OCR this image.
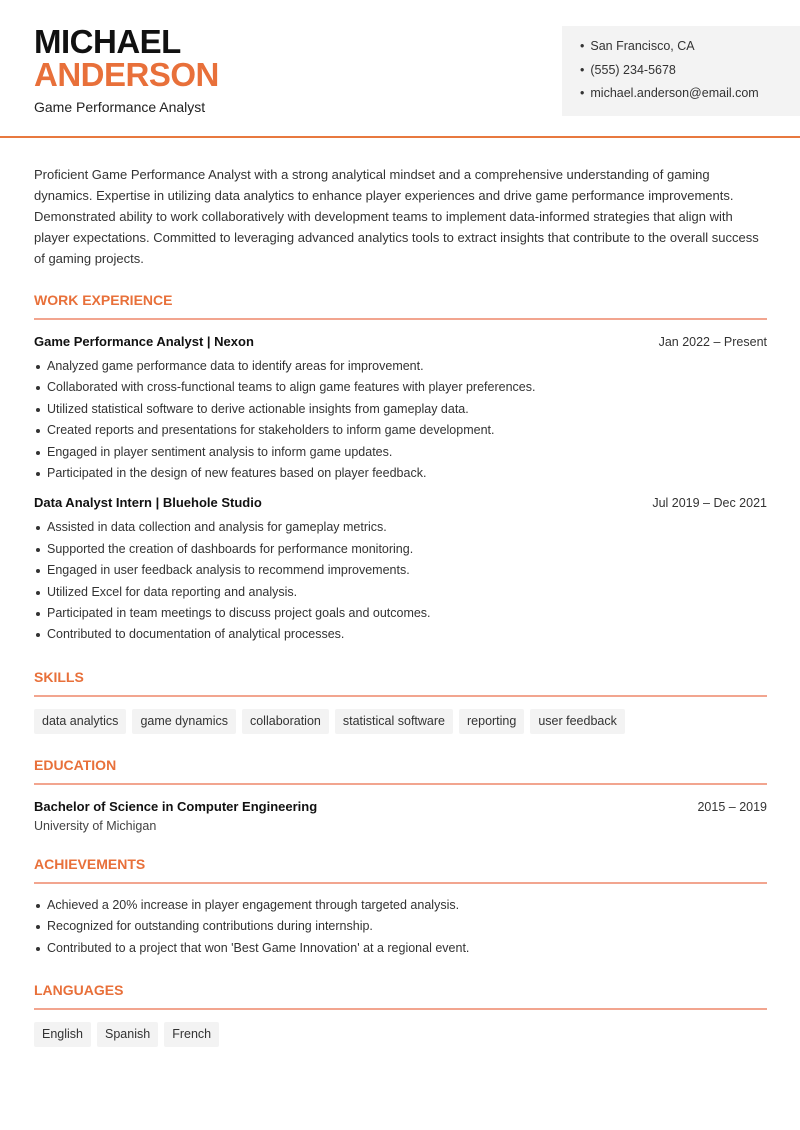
MICHAEL
ANDERSON
Game Performance Analyst
• San Francisco, CA
• (555) 234-5678
• michael.anderson@email.com

Proficient Game Performance Analyst with a strong analytical mindset and a comprehensive understanding of gaming dynamics. Expertise in utilizing data analytics to enhance player experiences and drive game performance improvements. Demonstrated ability to work collaboratively with development teams to implement data-informed strategies that align with player expectations. Committed to leveraging advanced analytics tools to extract insights that contribute to the overall success of gaming projects.

WORK EXPERIENCE
Game Performance Analyst | Nexon	Jan 2022 – Present
Analyzed game performance data to identify areas for improvement.
Collaborated with cross-functional teams to align game features with player preferences.
Utilized statistical software to derive actionable insights from gameplay data.
Created reports and presentations for stakeholders to inform game development.
Engaged in player sentiment analysis to inform game updates.
Participated in the design of new features based on player feedback.
Data Analyst Intern | Bluehole Studio	Jul 2019 – Dec 2021
Assisted in data collection and analysis for gameplay metrics.
Supported the creation of dashboards for performance monitoring.
Engaged in user feedback analysis to recommend improvements.
Utilized Excel for data reporting and analysis.
Participated in team meetings to discuss project goals and outcomes.
Contributed to documentation of analytical processes.
SKILLS
data analytics	game dynamics	collaboration	statistical software	reporting	user feedback
EDUCATION
Bachelor of Science in Computer Engineering	2015 – 2019
University of Michigan
ACHIEVEMENTS
Achieved a 20% increase in player engagement through targeted analysis.
Recognized for outstanding contributions during internship.
Contributed to a project that won 'Best Game Innovation' at a regional event.
LANGUAGES
English	Spanish	French
